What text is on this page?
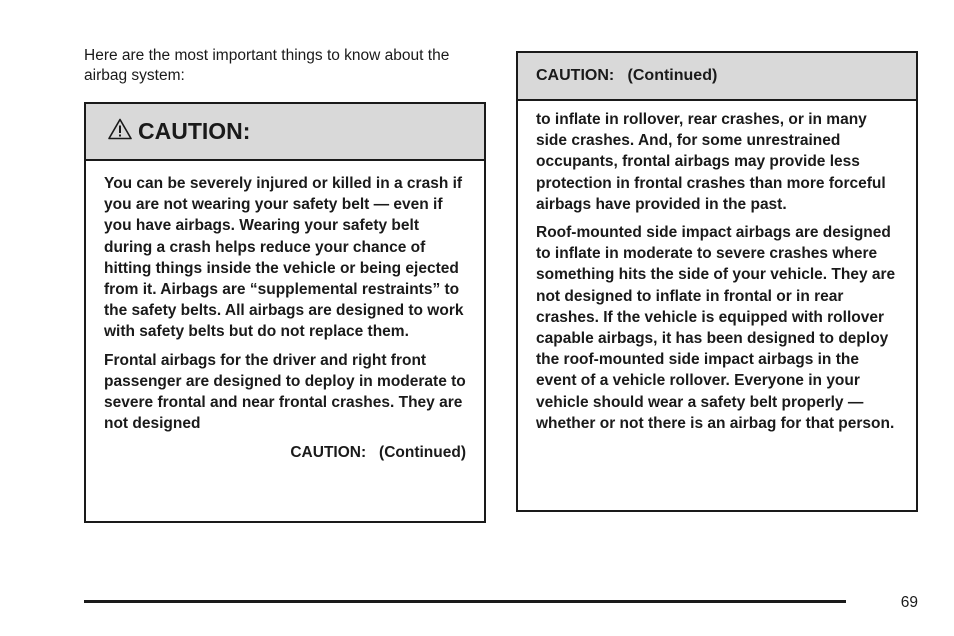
Here are the most important things to know about the airbag system:
CAUTION:

You can be severely injured or killed in a crash if you are not wearing your safety belt — even if you have airbags. Wearing your safety belt during a crash helps reduce your chance of hitting things inside the vehicle or being ejected from it. Airbags are “supplemental restraints” to the safety belts. All airbags are designed to work with safety belts but do not replace them.

Frontal airbags for the driver and right front passenger are designed to deploy in moderate to severe frontal and near frontal crashes. They are not designed

CAUTION:   (Continued)
CAUTION:   (Continued)

to inflate in rollover, rear crashes, or in many side crashes. And, for some unrestrained occupants, frontal airbags may provide less protection in frontal crashes than more forceful airbags have provided in the past.

Roof-mounted side impact airbags are designed to inflate in moderate to severe crashes where something hits the side of your vehicle. They are not designed to inflate in frontal or in rear crashes. If the vehicle is equipped with rollover capable airbags, it has been designed to deploy the roof-mounted side impact airbags in the event of a vehicle rollover. Everyone in your vehicle should wear a safety belt properly — whether or not there is an airbag for that person.

69
